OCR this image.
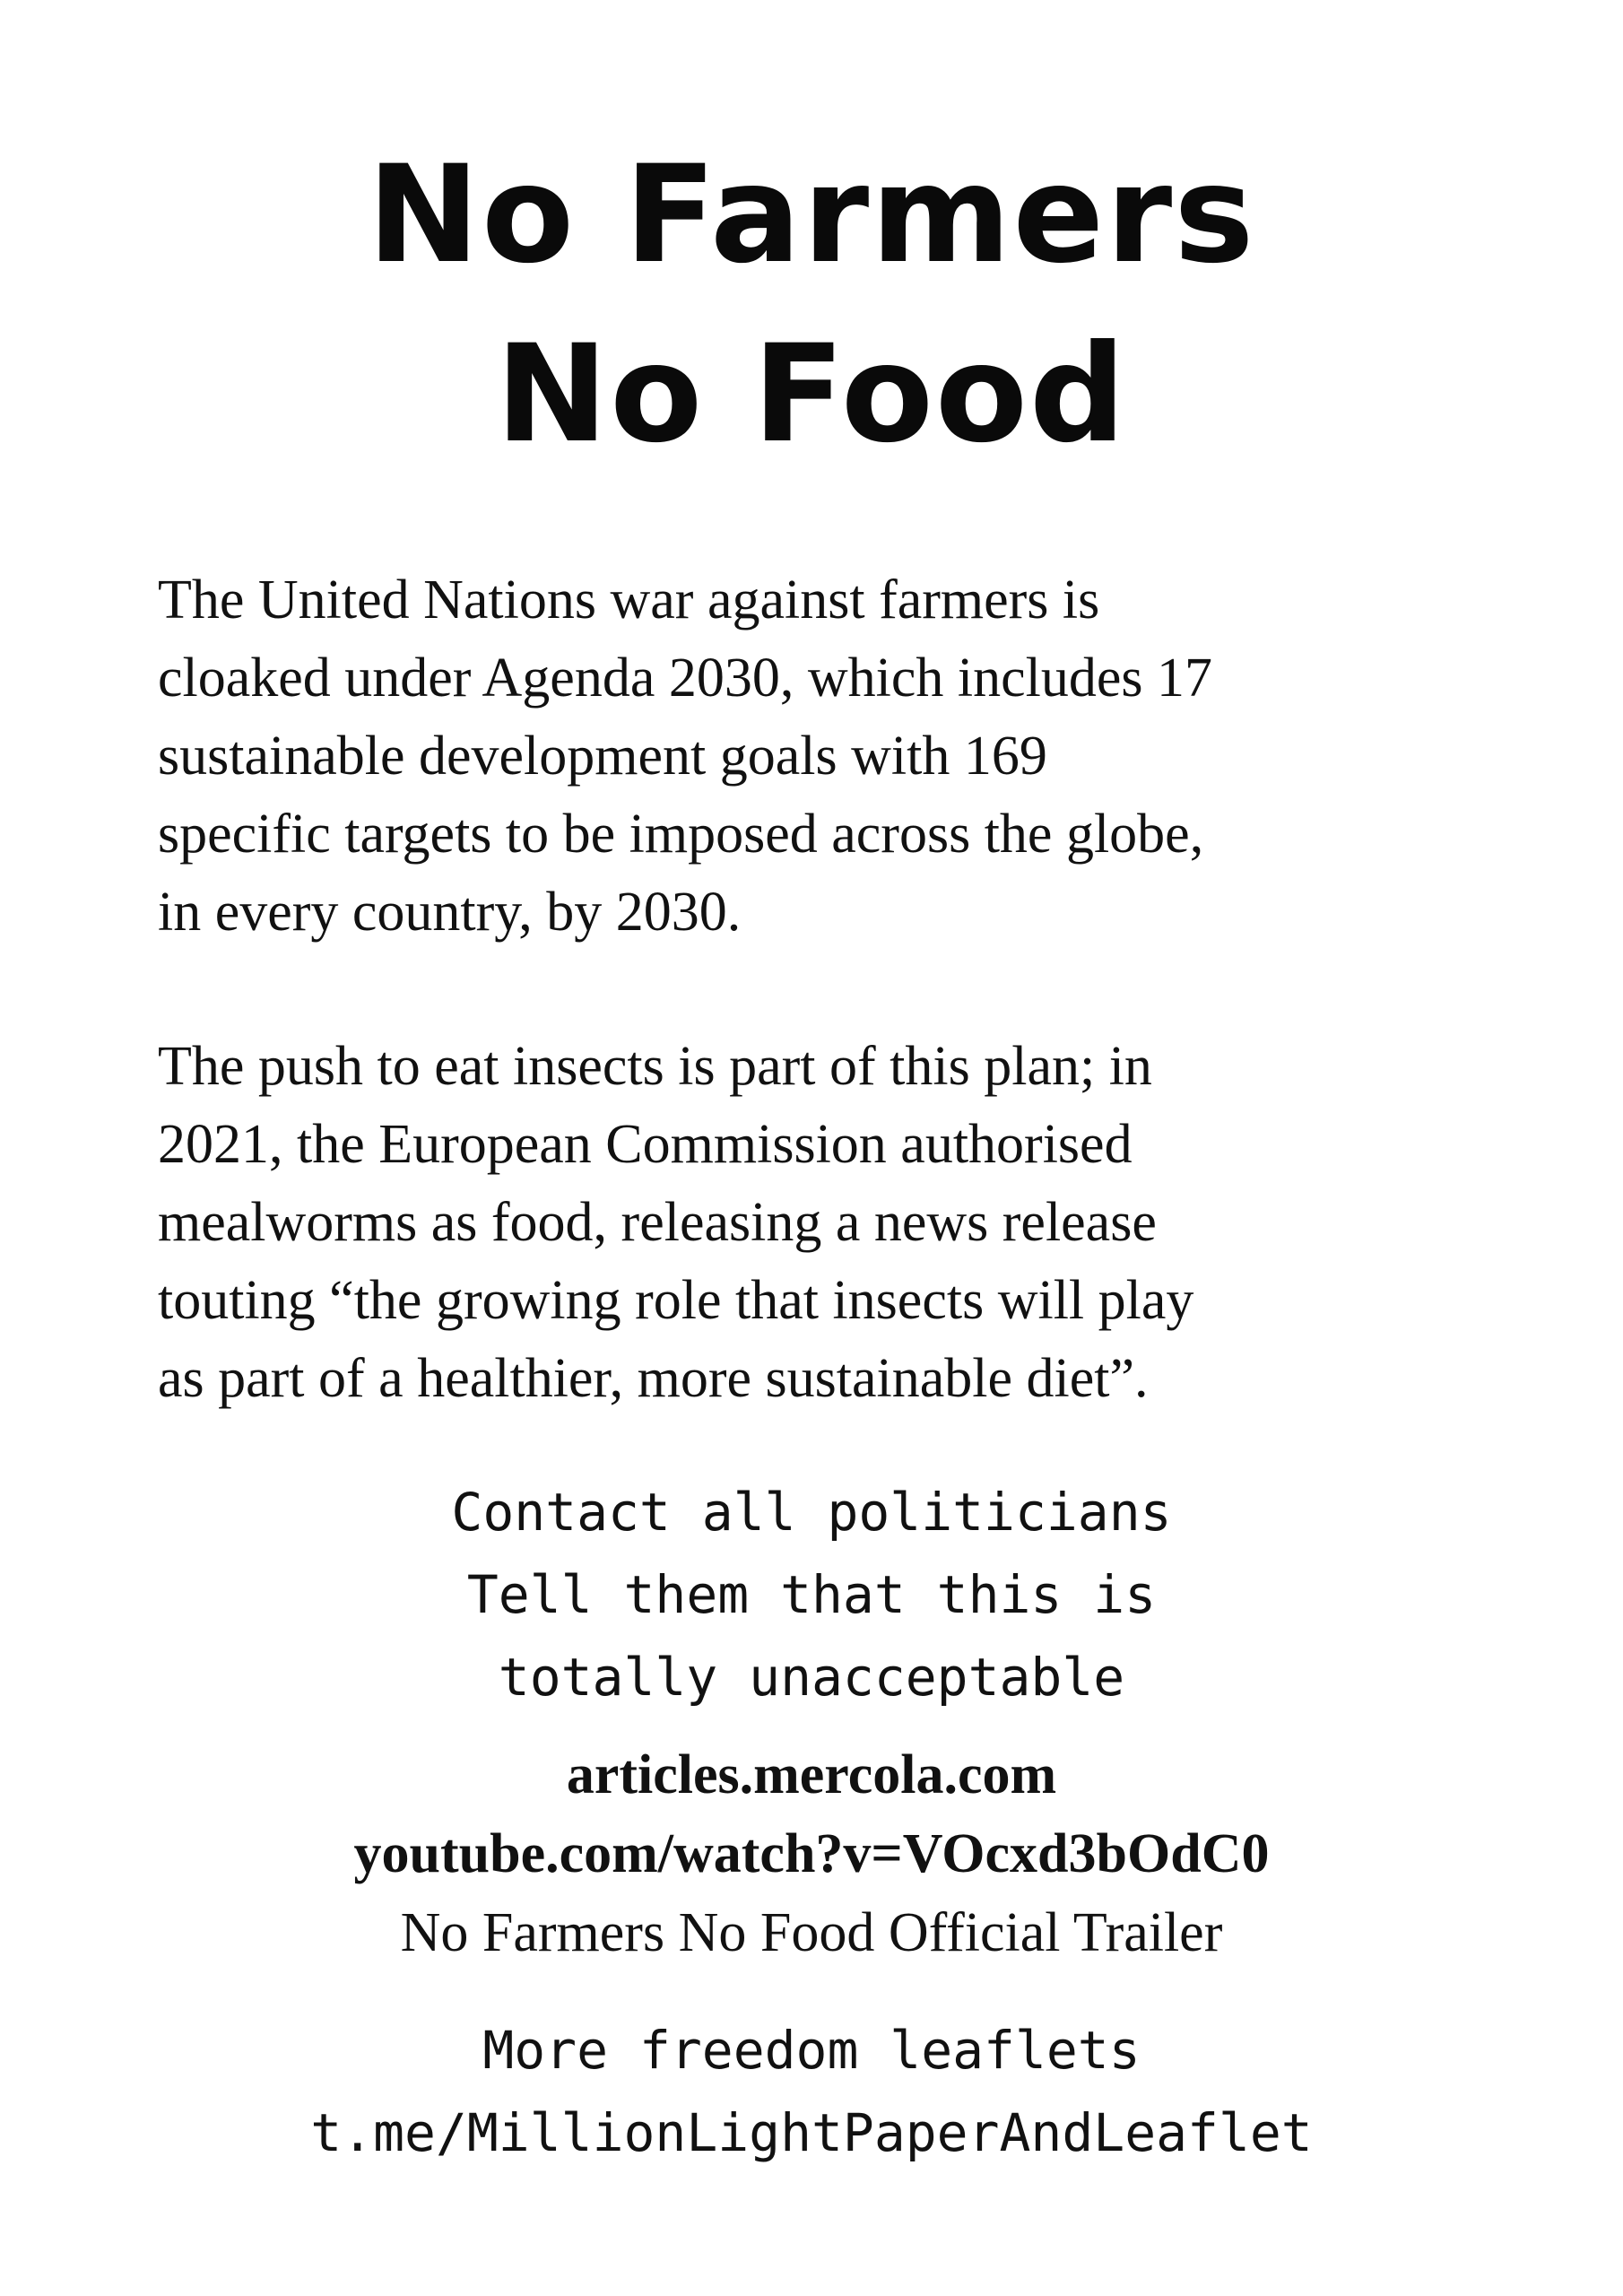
No Farmers
No Food

The United Nations war against farmers is
cloaked under Agenda 2030, which includes 17
sustainable development goals with 169
specific targets to be imposed across the globe,
in every country, by 2030.

The push to eat insects is part of this plan; in
2021, the European Commission authorised
mealworms as food, releasing a news release
touting “the growing role that insects will play
as part of a healthier, more sustainable diet”.

Contact all politicians
Tell them that this is
totally unacceptable
articles.mercola.com
youtube.com/watch?v=VOcxd3bOdC0
No Farmers No Food Official Trailer
More freedom leaflets
t.me/MillionLightPaperAndLeaflet
